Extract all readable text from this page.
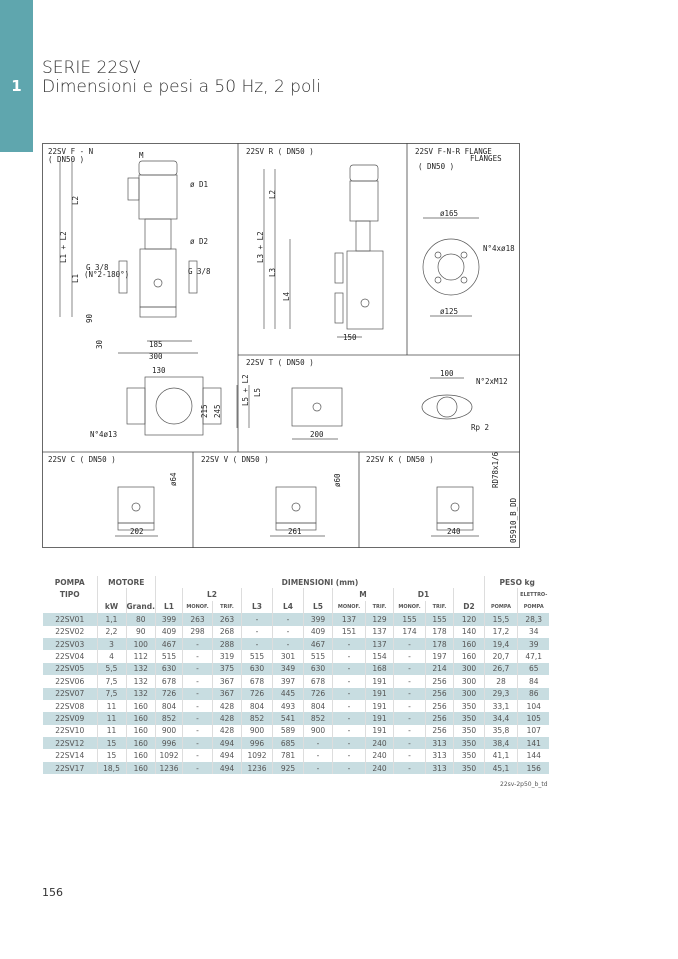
1
SERIE 22SV
Dimensioni e pesi a 50 Hz, 2 poli
22SV F - N
( DN50 )
22SV R ( DN50 )	22SV F-N-R FLANGE
FLANGES
( DN50 )
22SV T ( DN50 )
22SV C ( DN50 )	22SV V ( DN50 )	22SV K ( DN50 )
M
ø D1
ø D2
G 3/8
(N°2-180°)	G 3/8
185
300
130
N°4ø13
215 245
L2
L1 + L2
L1
90
30
L2
L3 + L2
L3
L4
150
ø165
N°4xø18
ø125
L5 + L2 L5
200
100
N°2xM12
Rp 2
ø64
202
ø60
261
RD78x1/6
240	05910_B_DD
POMPA	MOTORE		DIMENSIONI (mm)											PESO kg	
TIPO				L2					M		D1				ELETTRO-
	kW	Grand.	L1	MONOF.	TRIF.	L3	L4	L5	MONOF.	TRIF.	MONOF.	TRIF.	D2	POMPA	POMPA
22SV01	1,1	80	399	263	263	-	-	399	137	129	155	155	120	15,5	28,3
22SV02	2,2	90	409	298	268	-	-	409	151	137	174	178	140	17,2	34
22SV03	3	100	467	-	288	-	-	467	-	137	-	178	160	19,4	39
22SV04	4	112	515	-	319	515	301	515	-	154	-	197	160	20,7	47,1
22SV05	5,5	132	630	-	375	630	349	630	-	168	-	214	300	26,7	65
22SV06	7,5	132	678	-	367	678	397	678	-	191	-	256	300	28	84
22SV07	7,5	132	726	-	367	726	445	726	-	191	-	256	300	29,3	86
22SV08	11	160	804	-	428	804	493	804	-	191	-	256	350	33,1	104
22SV09	11	160	852	-	428	852	541	852	-	191	-	256	350	34,4	105
22SV10	11	160	900	-	428	900	589	900	-	191	-	256	350	35,8	107
22SV12	15	160	996	-	494	996	685	-	-	240	-	313	350	38,4	141
22SV14	15	160	1092	-	494	1092	781	-	-	240	-	313	350	41,1	144
22SV17	18,5	160	1236	-	494	1236	925	-	-	240	-	313	350	45,1	156
22sv-2p50_b_td
156
